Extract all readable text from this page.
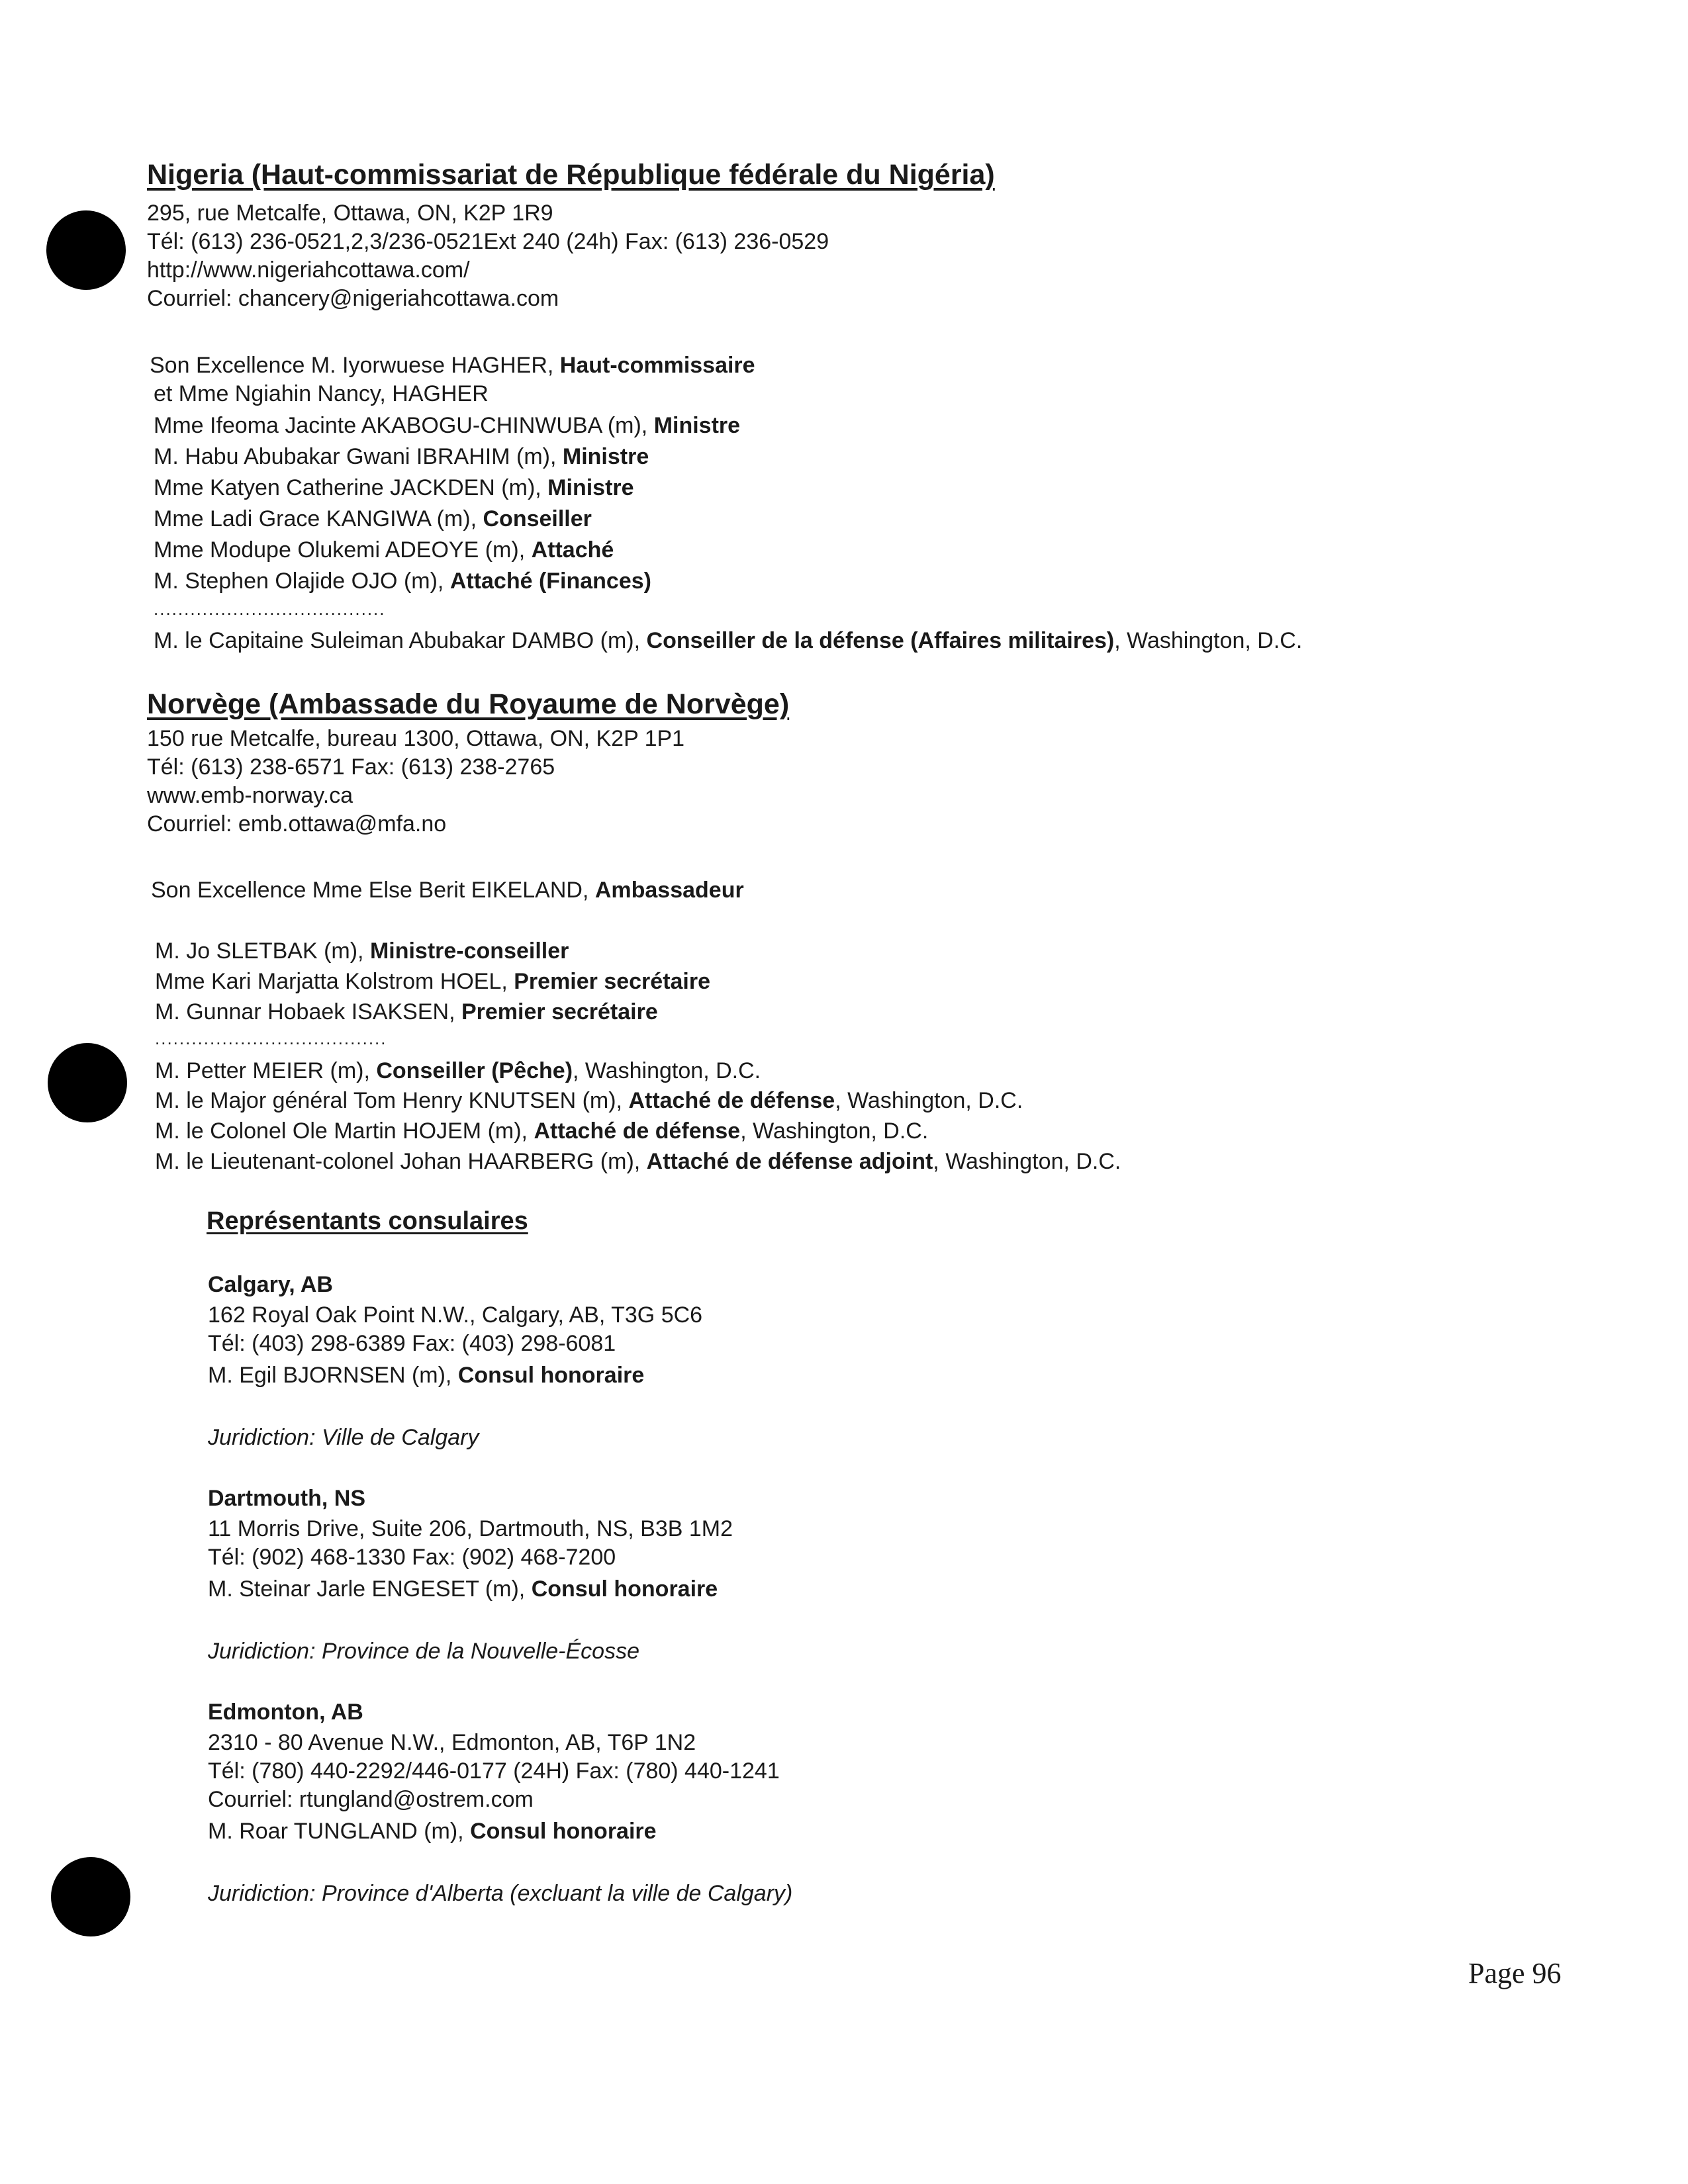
Nigeria (Haut-commissariat de République fédérale du Nigéria)
295, rue Metcalfe, Ottawa, ON, K2P 1R9
Tél: (613) 236-0521,2,3/236-0521Ext 240 (24h) Fax: (613) 236-0529
http://www.nigeriahcottawa.com/
Courriel: chancery@nigeriahcottawa.com
Son Excellence M. Iyorwuese HAGHER, Haut-commissaire
et Mme Ngiahin Nancy, HAGHER
Mme Ifeoma Jacinte AKABOGU-CHINWUBA (m), Ministre
M. Habu Abubakar Gwani IBRAHIM (m), Ministre
Mme Katyen Catherine JACKDEN (m), Ministre
Mme Ladi Grace KANGIWA (m), Conseiller
Mme Modupe Olukemi ADEOYE (m), Attaché
M. Stephen Olajide OJO (m), Attaché (Finances)
......................................
M. le Capitaine Suleiman Abubakar DAMBO (m), Conseiller de la défense (Affaires militaires), Washington, D.C.
Norvège (Ambassade du Royaume de Norvège)
150 rue Metcalfe, bureau 1300, Ottawa, ON, K2P 1P1
Tél: (613) 238-6571 Fax: (613) 238-2765
www.emb-norway.ca
Courriel: emb.ottawa@mfa.no
Son Excellence Mme Else Berit EIKELAND, Ambassadeur
M. Jo SLETBAK (m), Ministre-conseiller
Mme Kari Marjatta Kolstrom HOEL, Premier secrétaire
M. Gunnar Hobaek ISAKSEN, Premier secrétaire
......................................
M. Petter MEIER (m), Conseiller (Pêche), Washington, D.C.
M. le Major général Tom Henry KNUTSEN (m), Attaché de défense, Washington, D.C.
M. le Colonel Ole Martin HOJEM (m), Attaché de défense, Washington, D.C.
M. le Lieutenant-colonel Johan HAARBERG (m), Attaché de défense adjoint, Washington, D.C.
Représentants consulaires
Calgary, AB
162 Royal Oak Point N.W., Calgary, AB, T3G 5C6
Tél: (403) 298-6389 Fax: (403) 298-6081
M. Egil BJORNSEN (m), Consul honoraire
Juridiction: Ville de Calgary
Dartmouth, NS
11 Morris Drive, Suite 206, Dartmouth, NS, B3B 1M2
Tél: (902) 468-1330 Fax: (902) 468-7200
M. Steinar Jarle ENGESET (m), Consul honoraire
Juridiction: Province de la Nouvelle-Écosse
Edmonton, AB
2310 - 80 Avenue N.W., Edmonton, AB, T6P 1N2
Tél: (780) 440-2292/446-0177 (24H) Fax: (780) 440-1241
Courriel: rtungland@ostrem.com
M. Roar TUNGLAND (m), Consul honoraire
Juridiction: Province d'Alberta (excluant la ville de Calgary)
Page 96
